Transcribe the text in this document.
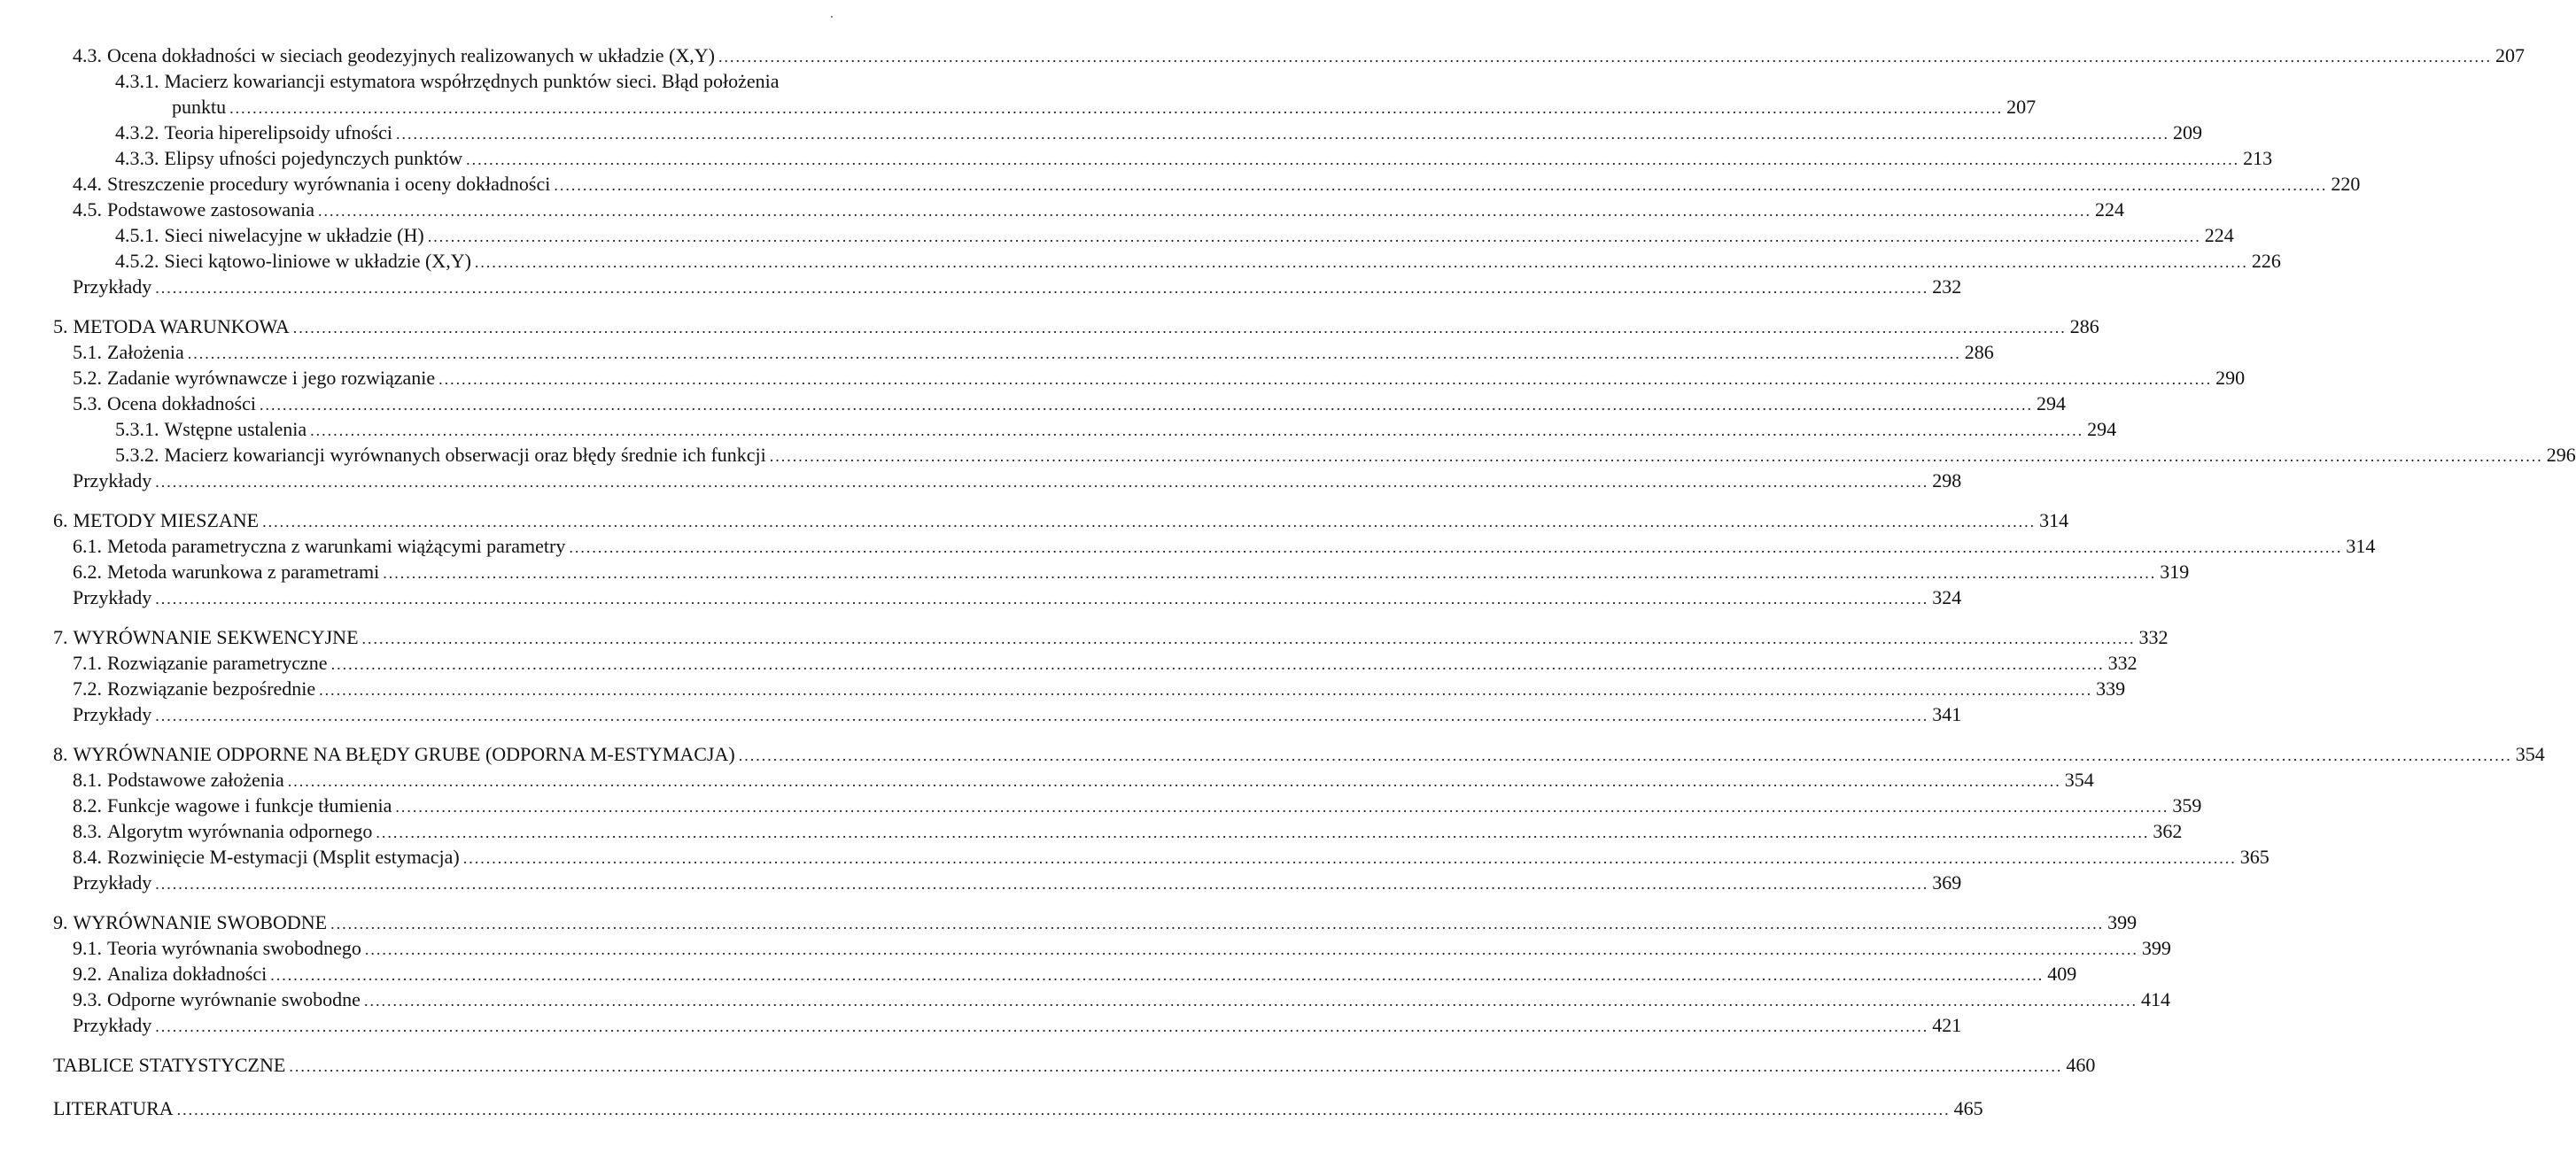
4.3. Ocena dokładności w sieciach geodezyjnych realizowanych w układzie (X,Y) .....	207
4.3.1. Macierz kowariancji estymatora współrzędnych punktów sieci. Błąd położenia
punktu .....	207
4.3.2. Teoria hiperelipsoidy ufności .....	209
4.3.3. Elipsy ufności pojedynczych punktów .....	213
4.4. Streszczenie procedury wyrównania i oceny dokładności .....	220
4.5. Podstawowe zastosowania .....	224
4.5.1. Sieci niwelacyjne w układzie (H) .....	224
4.5.2. Sieci kątowo-liniowe w układzie (X,Y) .....	226
Przykłady .....	232
5. METODA WARUNKOWA .....	286
5.1. Założenia .....	286
5.2. Zadanie wyrównawcze i jego rozwiązanie .....	290
5.3. Ocena dokładności .....	294
5.3.1. Wstępne ustalenia .....	294
5.3.2. Macierz kowariancji wyrównanych obserwacji oraz błędy średnie ich funkcji .....	296
Przykłady .....	298
6. METODY MIESZANE .....	314
6.1. Metoda parametryczna z warunkami wiążącymi parametry .....	314
6.2. Metoda warunkowa z parametrami .....	319
Przykłady .....	324
7. WYRÓWNANIE SEKWENCYJNE .....	332
7.1. Rozwiązanie parametryczne .....	332
7.2. Rozwiązanie bezpośrednie .....	339
Przykłady .....	341
8. WYRÓWNANIE ODPORNE NA BŁĘDY GRUBE (ODPORNA M-ESTYMACJA) .....	354
8.1. Podstawowe założenia .....	354
8.2. Funkcje wagowe i funkcje tłumienia .....	359
8.3. Algorytm wyrównania odpornego .....	362
8.4. Rozwinięcie M-estymacji (Msplit estymacja) .....	365
Przykłady .....	369
9. WYRÓWNANIE SWOBODNE .....	399
9.1. Teoria wyrównania swobodnego .....	399
9.2. Analiza dokładności .....	409
9.3. Odporne wyrównanie swobodne .....	414
Przykłady .....	421
TABLICE STATYSTYCZNE .....	460
LITERATURA .....	465
